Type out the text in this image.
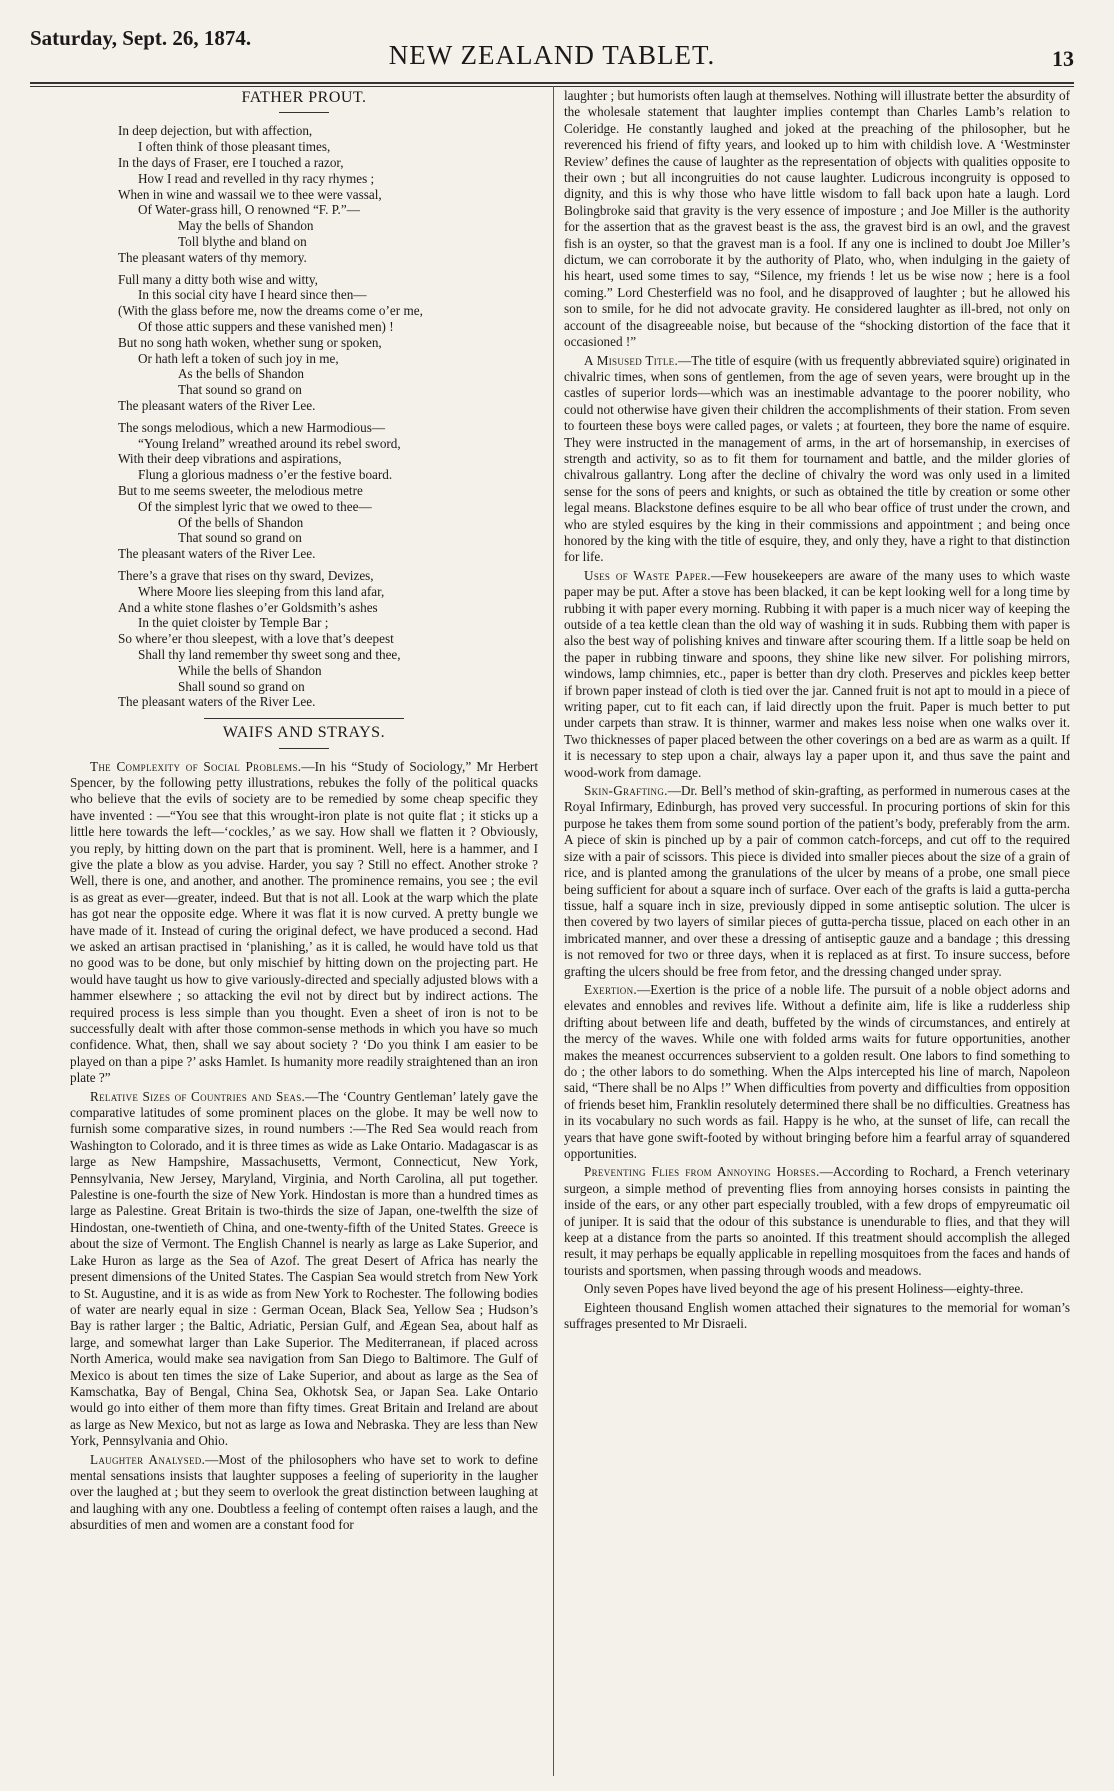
Saturday, Sept. 26, 1874.
NEW ZEALAND TABLET.	13
FATHER PROUT.
In deep dejection, but with affection,
I often think of those pleasant times,
In the days of Fraser, ere I touched a razor,
How I read and revelled in thy racy rhymes ;
When in wine and wassail we to thee were vassal,
Of Water-grass hill, O renowned “F. P.”—
May the bells of Shandon
Toll blythe and bland on
The pleasant waters of thy memory.
Full many a ditty both wise and witty,
In this social city have I heard since then—
(With the glass before me, now the dreams come o’er me,
Of those attic suppers and these vanished men) !
But no song hath woken, whether sung or spoken,
Or hath left a token of such joy in me,
As the bells of Shandon
That sound so grand on
The pleasant waters of the River Lee.
The songs melodious, which a new Harmodious—
“Young Ireland” wreathed around its rebel sword,
With their deep vibrations and aspirations,
Flung a glorious madness o’er the festive board.
But to me seems sweeter, the melodious metre
Of the simplest lyric that we owed to thee—
Of the bells of Shandon
That sound so grand on
The pleasant waters of the River Lee.
There’s a grave that rises on thy sward, Devizes,
Where Moore lies sleeping from this land afar,
And a white stone flashes o’er Goldsmith’s ashes
In the quiet cloister by Temple Bar ;
So where’er thou sleepest, with a love that’s deepest
Shall thy land remember thy sweet song and thee,
While the bells of Shandon
Shall sound so grand on
The pleasant waters of the River Lee.
WAIFS AND STRAYS.

The Complexity of Social Problems.—In his “Study of Sociology,” Mr Herbert Spencer, by the following petty illustrations, rebukes the folly of the political quacks who believe that the evils of society are to be remedied by some cheap specific they have invented : —“You see that this wrought-iron plate is not quite flat ; it sticks up a little here towards the left—‘cockles,’ as we say. How shall we flatten it ? Obviously, you reply, by hitting down on the part that is prominent. Well, here is a hammer, and I give the plate a blow as you advise. Harder, you say ? Still no effect. Another stroke ? Well, there is one, and another, and another. The prominence remains, you see ; the evil is as great as ever—greater, indeed. But that is not all. Look at the warp which the plate has got near the opposite edge. Where it was flat it is now curved. A pretty bungle we have made of it. Instead of curing the original defect, we have produced a second. Had we asked an artisan practised in ‘planishing,’ as it is called, he would have told us that no good was to be done, but only mischief by hitting down on the projecting part. He would have taught us how to give variously-directed and specially adjusted blows with a hammer elsewhere ; so attacking the evil not by direct but by indirect actions. The required process is less simple than you thought. Even a sheet of iron is not to be successfully dealt with after those common-sense methods in which you have so much confidence. What, then, shall we say about society ? ‘Do you think I am easier to be played on than a pipe ?’ asks Hamlet. Is humanity more readily straightened than an iron plate ?”

Relative Sizes of Countries and Seas.—The ‘Country Gentleman’ lately gave the comparative latitudes of some prominent places on the globe. It may be well now to furnish some comparative sizes, in round numbers :—The Red Sea would reach from Washington to Colorado, and it is three times as wide as Lake Ontario. Madagascar is as large as New Hampshire, Massachusetts, Vermont, Connecticut, New York, Pennsylvania, New Jersey, Maryland, Virginia, and North Carolina, all put together. Palestine is one-fourth the size of New York. Hindostan is more than a hundred times as large as Palestine. Great Britain is two-thirds the size of Japan, one-twelfth the size of Hindostan, one-twentieth of China, and one-twenty-fifth of the United States. Greece is about the size of Vermont. The English Channel is nearly as large as Lake Superior, and Lake Huron as large as the Sea of Azof. The great Desert of Africa has nearly the present dimensions of the United States. The Caspian Sea would stretch from New York to St. Augustine, and it is as wide as from New York to Rochester. The following bodies of water are nearly equal in size : German Ocean, Black Sea, Yellow Sea ; Hudson’s Bay is rather larger ; the Baltic, Adriatic, Persian Gulf, and Ægean Sea, about half as large, and somewhat larger than Lake Superior. The Mediterranean, if placed across North America, would make sea navigation from San Diego to Baltimore. The Gulf of Mexico is about ten times the size of Lake Superior, and about as large as the Sea of Kamschatka, Bay of Bengal, China Sea, Okhotsk Sea, or Japan Sea. Lake Ontario would go into either of them more than fifty times. Great Britain and Ireland are about as large as New Mexico, but not as large as Iowa and Nebraska. They are less than New York, Pennsylvania and Ohio.

Laughter Analysed.—Most of the philosophers who have set to work to define mental sensations insists that laughter supposes a feeling of superiority in the laugher over the laughed at ; but they seem to overlook the great distinction between laughing at and laughing with any one. Doubtless a feeling of contempt often raises a laugh, and the absurdities of men and women are a constant food for

laughter ; but humorists often laugh at themselves. Nothing will illustrate better the absurdity of the wholesale statement that laughter implies contempt than Charles Lamb’s relation to Coleridge. He constantly laughed and joked at the preaching of the philosopher, but he reverenced his friend of fifty years, and looked up to him with childish love. A ‘Westminster Review’ defines the cause of laughter as the representation of objects with qualities opposite to their own ; but all incongruities do not cause laughter. Ludicrous incongruity is opposed to dignity, and this is why those who have little wisdom to fall back upon hate a laugh. Lord Bolingbroke said that gravity is the very essence of imposture ; and Joe Miller is the authority for the assertion that as the gravest beast is the ass, the gravest bird is an owl, and the gravest fish is an oyster, so that the gravest man is a fool. If any one is inclined to doubt Joe Miller’s dictum, we can corroborate it by the authority of Plato, who, when indulging in the gaiety of his heart, used some times to say, “Silence, my friends ! let us be wise now ; here is a fool coming.” Lord Chesterfield was no fool, and he disapproved of laughter ; but he allowed his son to smile, for he did not advocate gravity. He considered laughter as ill-bred, not only on account of the disagreeable noise, but because of the “shocking distortion of the face that it occasioned !”

A Misused Title.—The title of esquire (with us frequently abbreviated squire) originated in chivalric times, when sons of gentlemen, from the age of seven years, were brought up in the castles of superior lords—which was an inestimable advantage to the poorer nobility, who could not otherwise have given their children the accomplishments of their station. From seven to fourteen these boys were called pages, or valets ; at fourteen, they bore the name of esquire. They were instructed in the management of arms, in the art of horsemanship, in exercises of strength and activity, so as to fit them for tournament and battle, and the milder glories of chivalrous gallantry. Long after the decline of chivalry the word was only used in a limited sense for the sons of peers and knights, or such as obtained the title by creation or some other legal means. Blackstone defines esquire to be all who bear office of trust under the crown, and who are styled esquires by the king in their commissions and appointment ; and being once honored by the king with the title of esquire, they, and only they, have a right to that distinction for life.

Uses of Waste Paper.—Few housekeepers are aware of the many uses to which waste paper may be put. After a stove has been blacked, it can be kept looking well for a long time by rubbing it with paper every morning. Rubbing it with paper is a much nicer way of keeping the outside of a tea kettle clean than the old way of washing it in suds. Rubbing them with paper is also the best way of polishing knives and tinware after scouring them. If a little soap be held on the paper in rubbing tinware and spoons, they shine like new silver. For polishing mirrors, windows, lamp chimnies, etc., paper is better than dry cloth. Preserves and pickles keep better if brown paper instead of cloth is tied over the jar. Canned fruit is not apt to mould in a piece of writing paper, cut to fit each can, if laid directly upon the fruit. Paper is much better to put under carpets than straw. It is thinner, warmer and makes less noise when one walks over it. Two thicknesses of paper placed between the other coverings on a bed are as warm as a quilt. If it is necessary to step upon a chair, always lay a paper upon it, and thus save the paint and wood-work from damage.

Skin-Grafting.—Dr. Bell’s method of skin-grafting, as performed in numerous cases at the Royal Infirmary, Edinburgh, has proved very successful. In procuring portions of skin for this purpose he takes them from some sound portion of the patient’s body, preferably from the arm. A piece of skin is pinched up by a pair of common catch-forceps, and cut off to the required size with a pair of scissors. This piece is divided into smaller pieces about the size of a grain of rice, and is planted among the granulations of the ulcer by means of a probe, one small piece being sufficient for about a square inch of surface. Over each of the grafts is laid a gutta-percha tissue, half a square inch in size, previously dipped in some antiseptic solution. The ulcer is then covered by two layers of similar pieces of gutta-percha tissue, placed on each other in an imbricated manner, and over these a dressing of antiseptic gauze and a bandage ; this dressing is not removed for two or three days, when it is replaced as at first. To insure success, before grafting the ulcers should be free from fetor, and the dressing changed under spray.

Exertion.—Exertion is the price of a noble life. The pursuit of a noble object adorns and elevates and ennobles and revives life. Without a definite aim, life is like a rudderless ship drifting about between life and death, buffeted by the winds of circumstances, and entirely at the mercy of the waves. While one with folded arms waits for future opportunities, another makes the meanest occurrences subservient to a golden result. One labors to find something to do ; the other labors to do something. When the Alps intercepted his line of march, Napoleon said, “There shall be no Alps !” When difficulties from poverty and difficulties from opposition of friends beset him, Franklin resolutely determined there shall be no difficulties. Greatness has in its vocabulary no such words as fail. Happy is he who, at the sunset of life, can recall the years that have gone swift-footed by without bringing before him a fearful array of squandered opportunities.

Preventing Flies from Annoying Horses.—According to Rochard, a French veterinary surgeon, a simple method of preventing flies from annoying horses consists in painting the inside of the ears, or any other part especially troubled, with a few drops of empyreumatic oil of juniper. It is said that the odour of this substance is unendurable to flies, and that they will keep at a distance from the parts so anointed. If this treatment should accomplish the alleged result, it may perhaps be equally applicable in repelling mosquitoes from the faces and hands of tourists and sportsmen, when passing through woods and meadows.

Only seven Popes have lived beyond the age of his present Holiness—eighty-three.

Eighteen thousand English women attached their signatures to the memorial for woman’s suffrages presented to Mr Disraeli.
